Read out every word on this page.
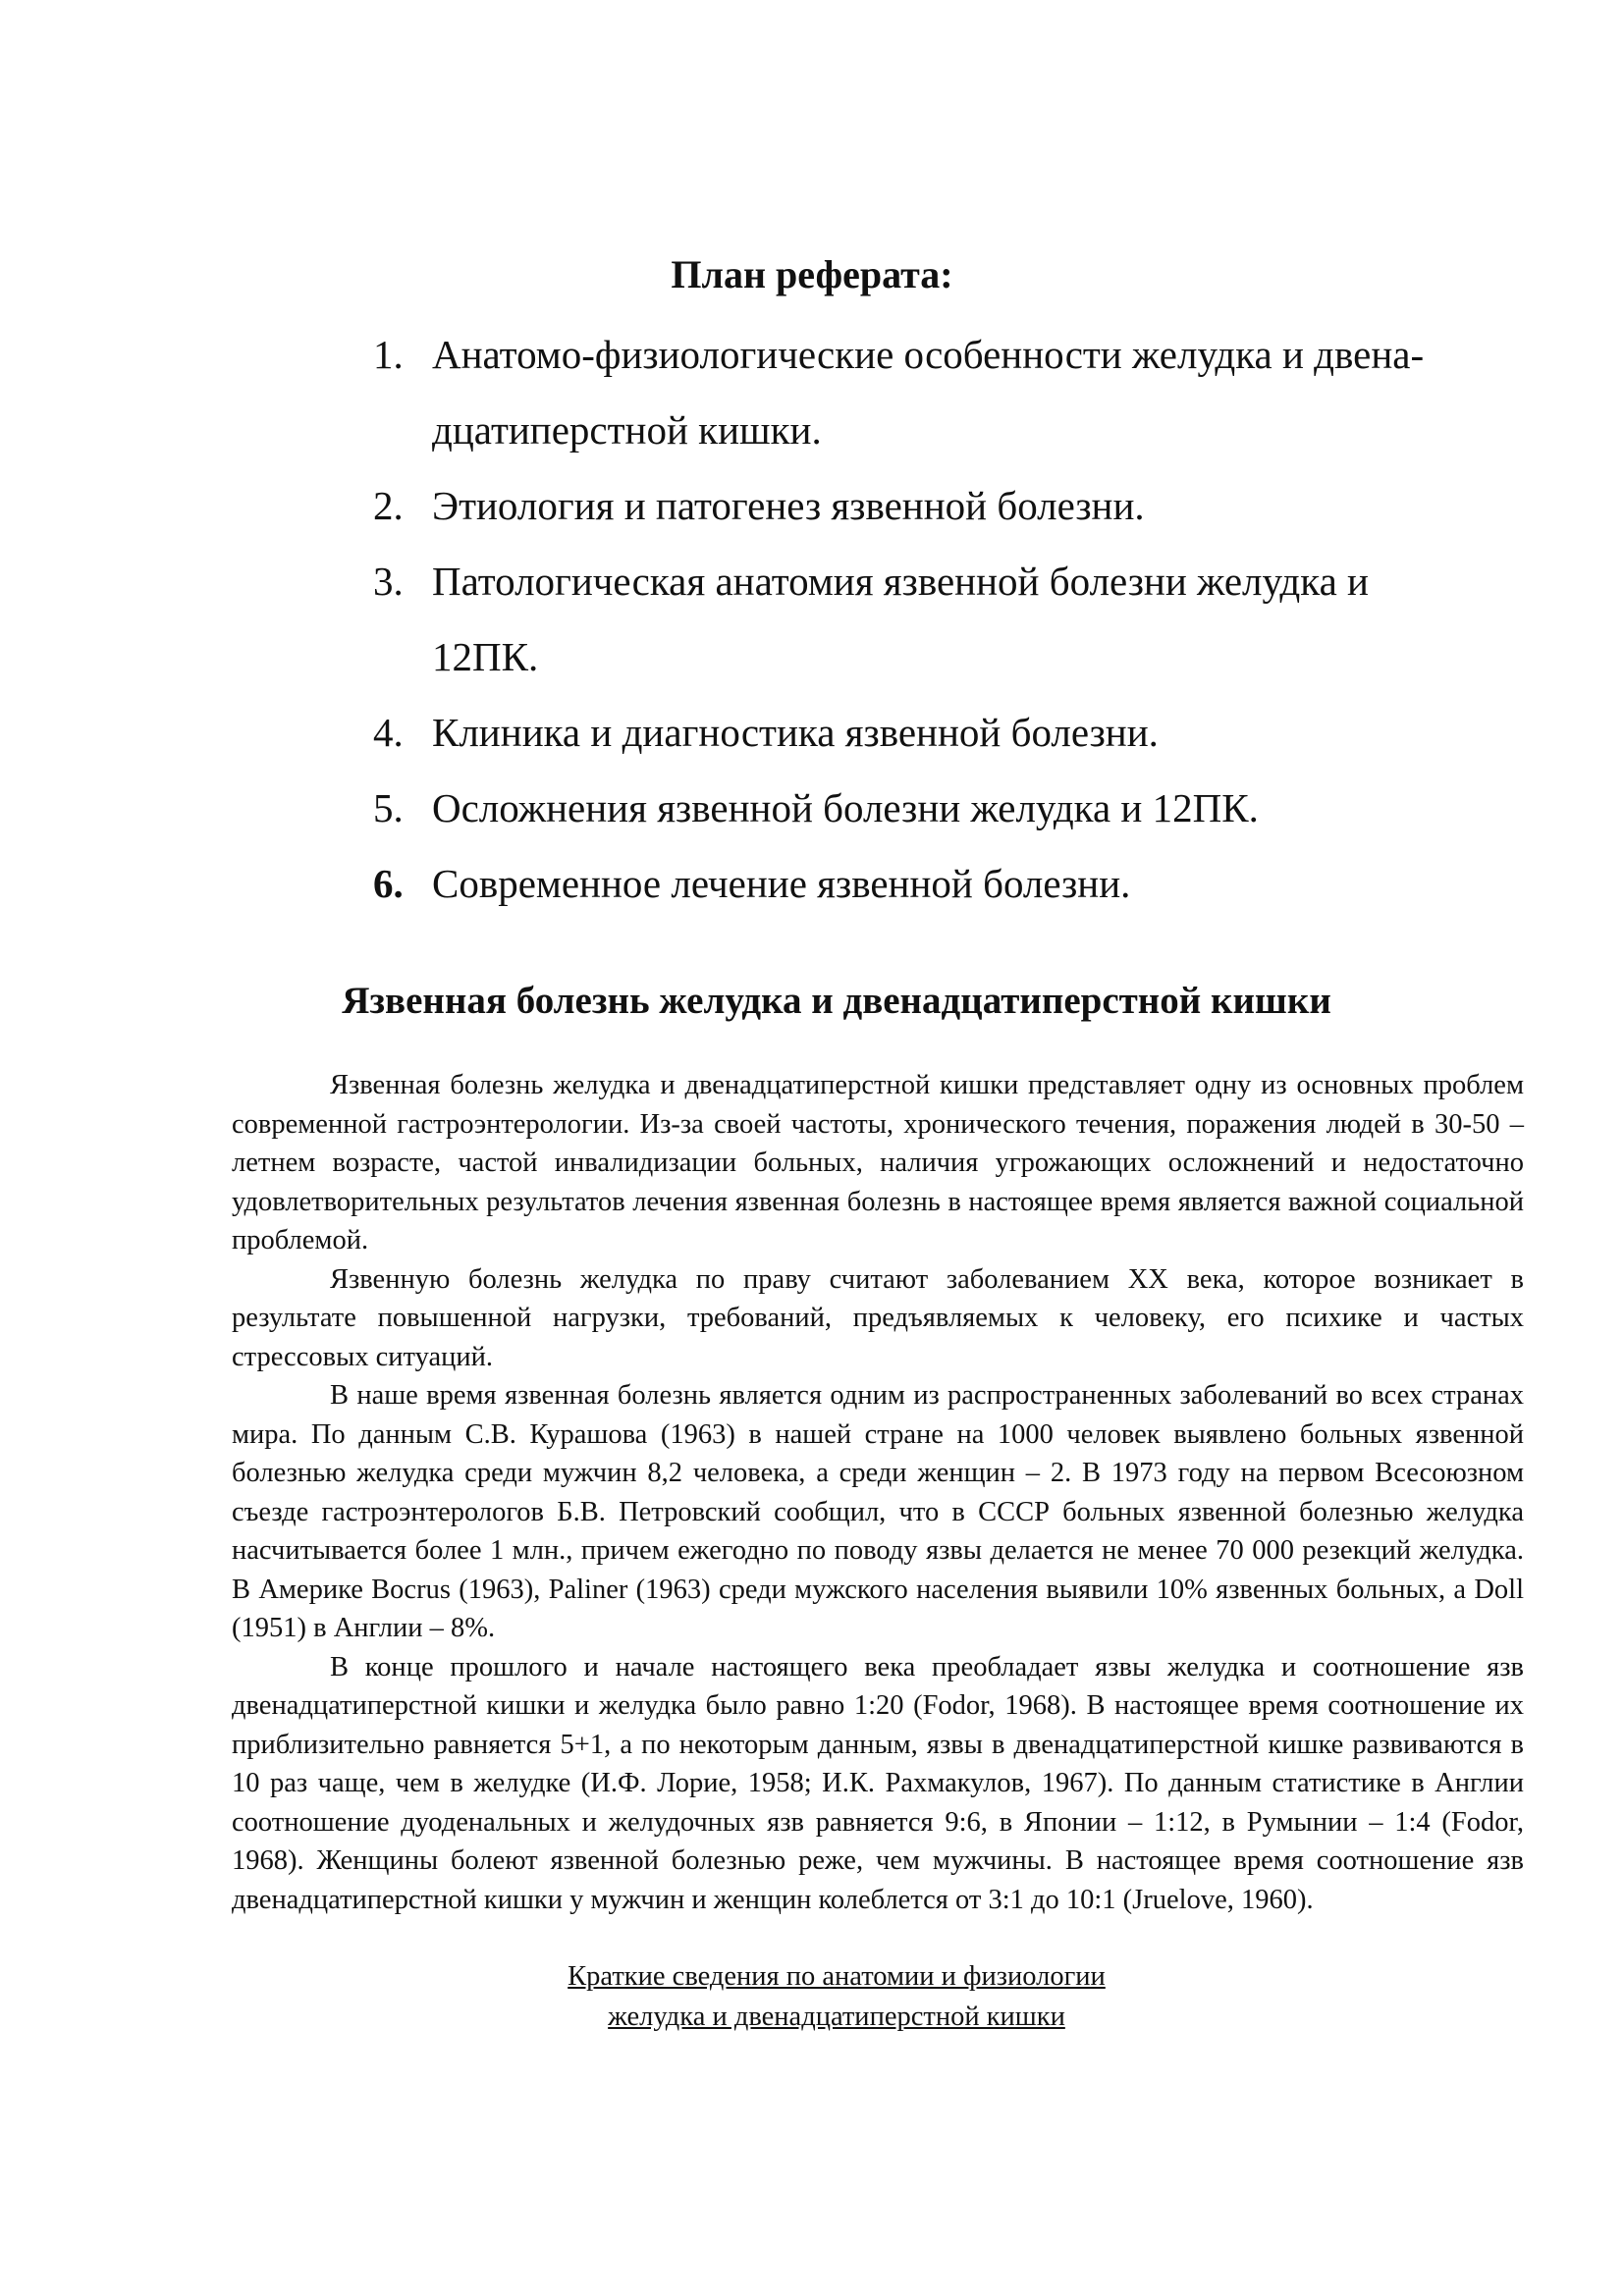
План реферата:
1. Анатомо-физиологические особенности желудка и двена-
дцатиперстной кишки.
2. Этиология и патогенез язвенной болезни.
3. Патологическая анатомия язвенной болезни желудка и
12ПК.
4. Клиника и диагностика язвенной болезни.
5. Осложнения язвенной болезни желудка и 12ПК.
6. Современное лечение язвенной болезни.
Язвенная болезнь желудка и двенадцатиперстной кишки

Язвенная болезнь желудка и двенадцатиперстной кишки представляет одну из основных проблем современной гастроэнтерологии. Из-за своей частоты, хронического течения, поражения людей в 30-50 – летнем возрасте, частой инвалидизации больных, наличия угрожающих осложнений и недостаточно удовлетворительных результатов лечения язвенная болезнь в настоящее время является важной социальной проблемой.

Язвенную болезнь желудка по праву считают заболеванием XX века, которое возникает в результате повышенной нагрузки, требований, предъявляемых к человеку, его психике и частых стрессовых ситуаций.

В наше время язвенная болезнь является одним из распространенных заболеваний во всех странах мира. По данным С.В. Курашова (1963) в нашей стране на 1000 человек выявлено больных язвенной болезнью желудка среди мужчин 8,2 человека, а среди женщин – 2. В 1973 году на первом Всесоюзном съезде гастроэнтерологов Б.В. Петровский сообщил, что в СССР больных язвенной болезнью желудка насчитывается более 1 млн., причем ежегодно по поводу язвы делается не менее 70 000 резекций желудка. В Америке Bocrus (1963), Paliner (1963) среди мужского населения выявили 10% язвенных больных, а Doll (1951) в Англии – 8%.

В конце прошлого и начале настоящего века преобладает язвы желудка и соотношение язв двенадцатиперстной кишки и желудка было равно 1:20 (Fodor, 1968). В настоящее время соотношение их приблизительно равняется 5+1, а по некоторым данным, язвы в двенадцатиперстной кишке развиваются в 10 раз чаще, чем в желудке (И.Ф. Лорие, 1958; И.К. Рахмакулов, 1967). По данным статистике в Англии соотношение дуоденальных и желудочных язв равняется 9:6, в Японии – 1:12, в Румынии – 1:4 (Fodor, 1968). Женщины болеют язвенной болезнью реже, чем мужчины. В настоящее время соотношение язв двенадцатиперстной кишки у мужчин и женщин колеблется от 3:1 до 10:1 (Jruelove, 1960).

Краткие сведения по анатомии и физиологии
желудка и двенадцатиперстной кишки
